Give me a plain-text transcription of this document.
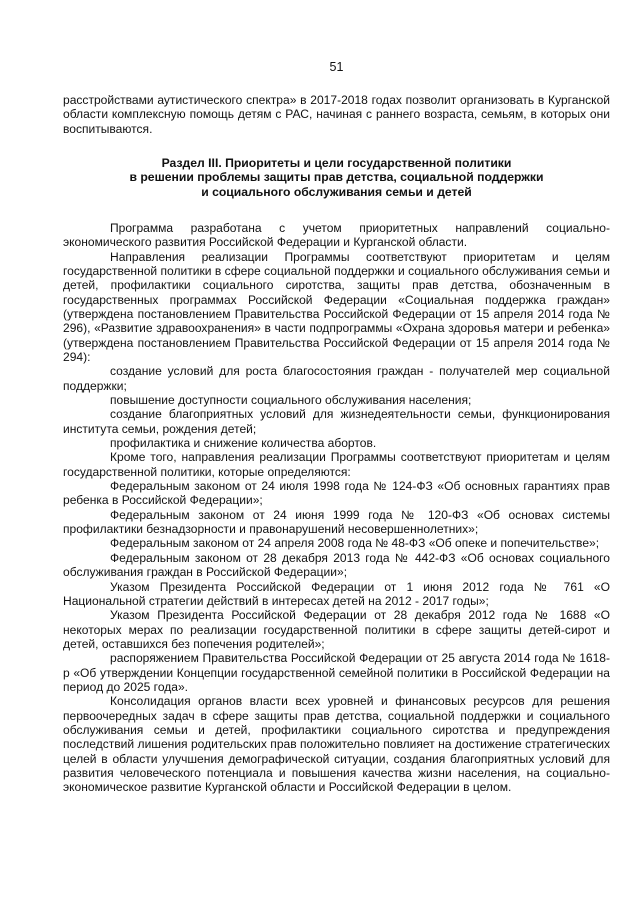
51

расстройствами аутистического спектра» в 2017-2018 годах позволит организовать в Курганской области комплексную помощь детям с РАС, начиная с раннего возраста, семьям, в которых они воспитываются.

Раздел III. Приоритеты и цели государственной политики
в решении проблемы защиты прав детства, социальной поддержки
и социального обслуживания семьи и детей

Программа разработана с учетом приоритетных направлений социально-экономического развития Российской Федерации и Курганской области.

Направления реализации Программы соответствуют приоритетам и целям государственной политики в сфере социальной поддержки и социального обслуживания семьи и детей, профилактики социального сиротства, защиты прав детства, обозначенным в государственных программах Российской Федерации «Социальная поддержка граждан» (утверждена постановлением Правительства Российской Федерации от 15 апреля 2014 года № 296), «Развитие здравоохранения» в части подпрограммы «Охрана здоровья матери и ребенка» (утверждена постановлением Правительства Российской Федерации от 15 апреля 2014 года № 294):

создание условий для роста благосостояния граждан - получателей мер социальной поддержки;

повышение доступности социального обслуживания населения;

создание благоприятных условий для жизнедеятельности семьи, функционирования института семьи, рождения детей;

профилактика и снижение количества абортов.

Кроме того, направления реализации Программы соответствуют приоритетам и целям государственной политики, которые определяются:

Федеральным законом от 24 июля 1998 года № 124-ФЗ «Об основных гарантиях прав ребенка в Российской Федерации»;

Федеральным законом от 24 июня 1999 года № 120-ФЗ «Об основах системы профилактики безнадзорности и правонарушений несовершеннолетних»;

Федеральным законом от 24 апреля 2008 года № 48-ФЗ «Об опеке и попечительстве»;

Федеральным законом от 28 декабря 2013 года № 442-ФЗ «Об основах социального обслуживания граждан в Российской Федерации»;

Указом Президента Российской Федерации от 1 июня 2012 года № 761 «О Национальной стратегии действий в интересах детей на 2012 - 2017 годы»;

Указом Президента Российской Федерации от 28 декабря 2012 года № 1688 «О некоторых мерах по реализации государственной политики в сфере защиты детей-сирот и детей, оставшихся без попечения родителей»;

распоряжением Правительства Российской Федерации от 25 августа 2014 года № 1618-р «Об утверждении Концепции государственной семейной политики в Российской Федерации на период до 2025 года».

Консолидация органов власти всех уровней и финансовых ресурсов для решения первоочередных задач в сфере защиты прав детства, социальной поддержки и социального обслуживания семьи и детей, профилактики социального сиротства и предупреждения последствий лишения родительских прав положительно повлияет на достижение стратегических целей в области улучшения демографической ситуации, создания благоприятных условий для развития человеческого потенциала и повышения качества жизни населения, на социально-экономическое развитие Курганской области и Российской Федерации в целом.
